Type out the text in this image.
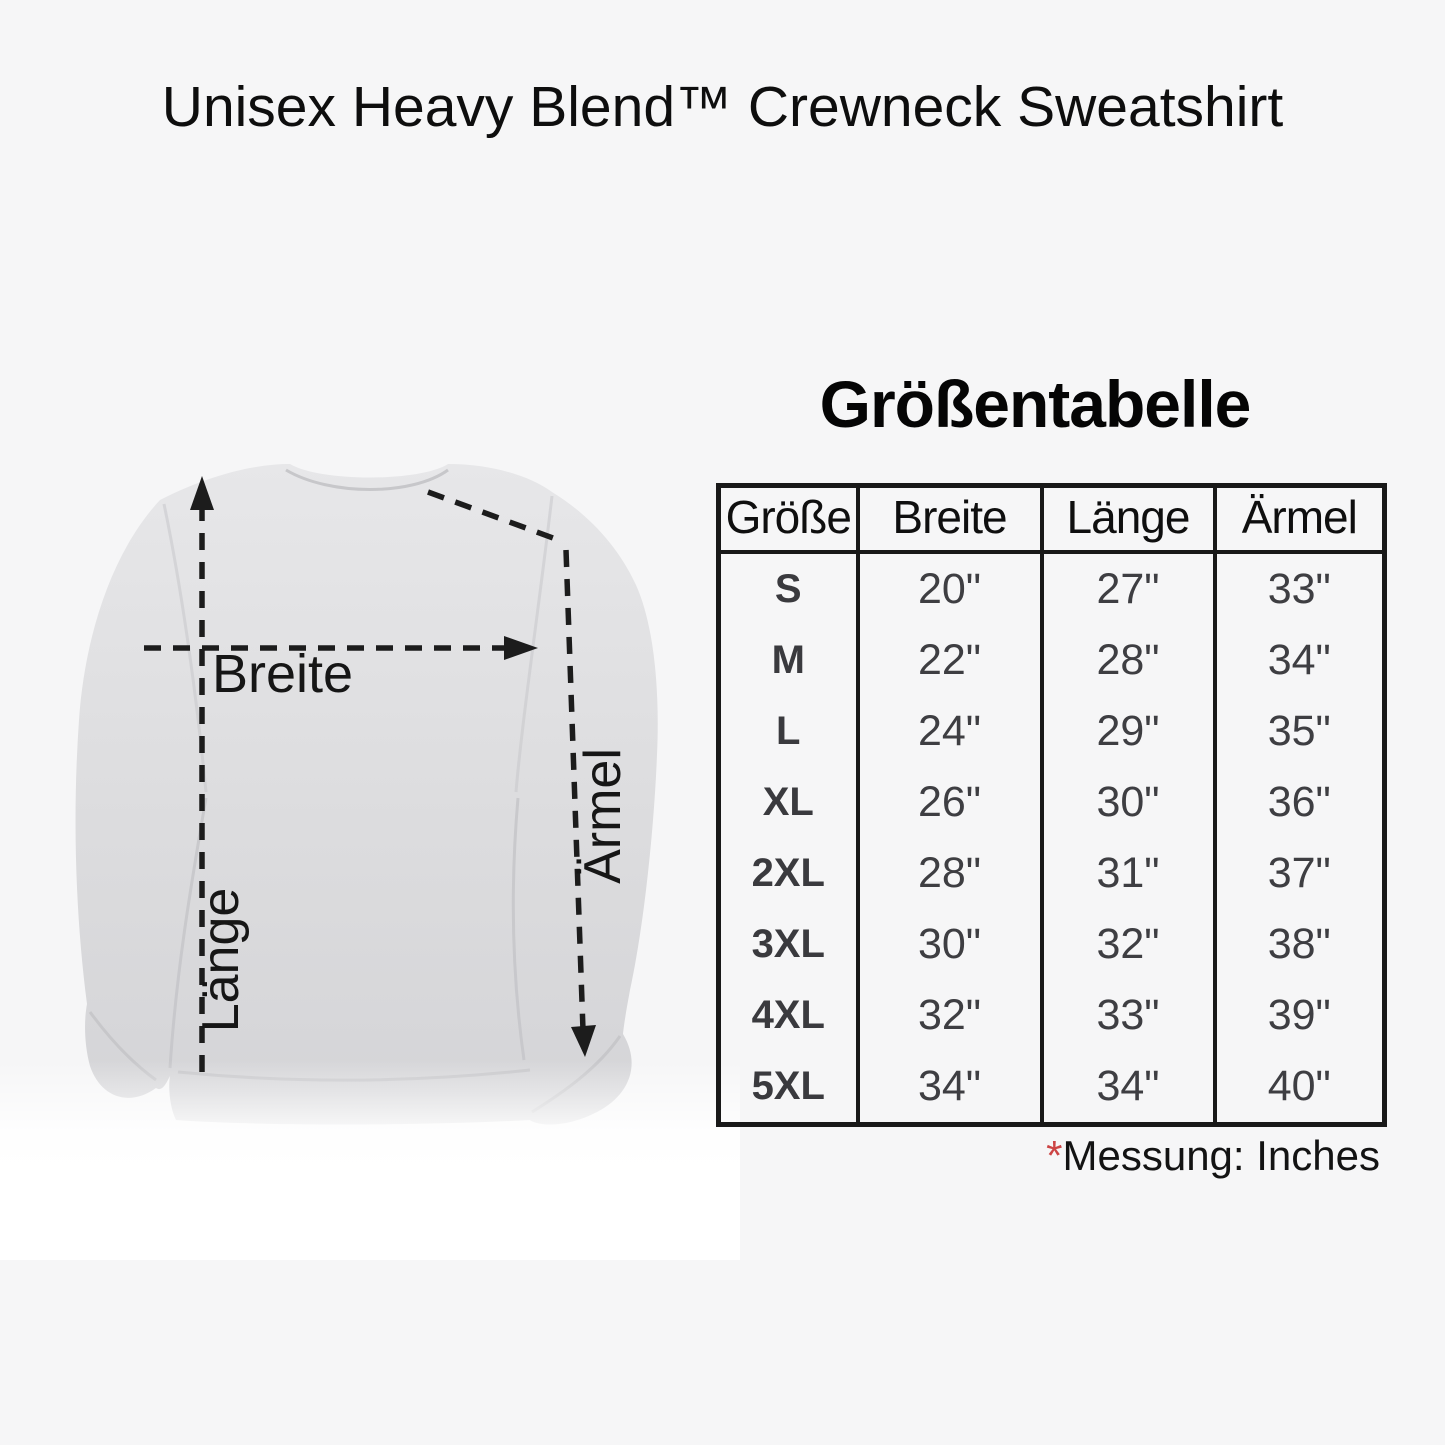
Unisex Heavy Blend™ Crewneck Sweatshirt
Größentabelle
Breite
Länge
Ärmel
Größe	Breite	Länge	Ärmel
S	20"	27"	33"
M	22"	28"	34"
L	24"	29"	35"
XL	26"	30"	36"
2XL	28"	31"	37"
3XL	30"	32"	38"
4XL	32"	33"	39"
5XL	34"	34"	40"
*Messung: Inches
